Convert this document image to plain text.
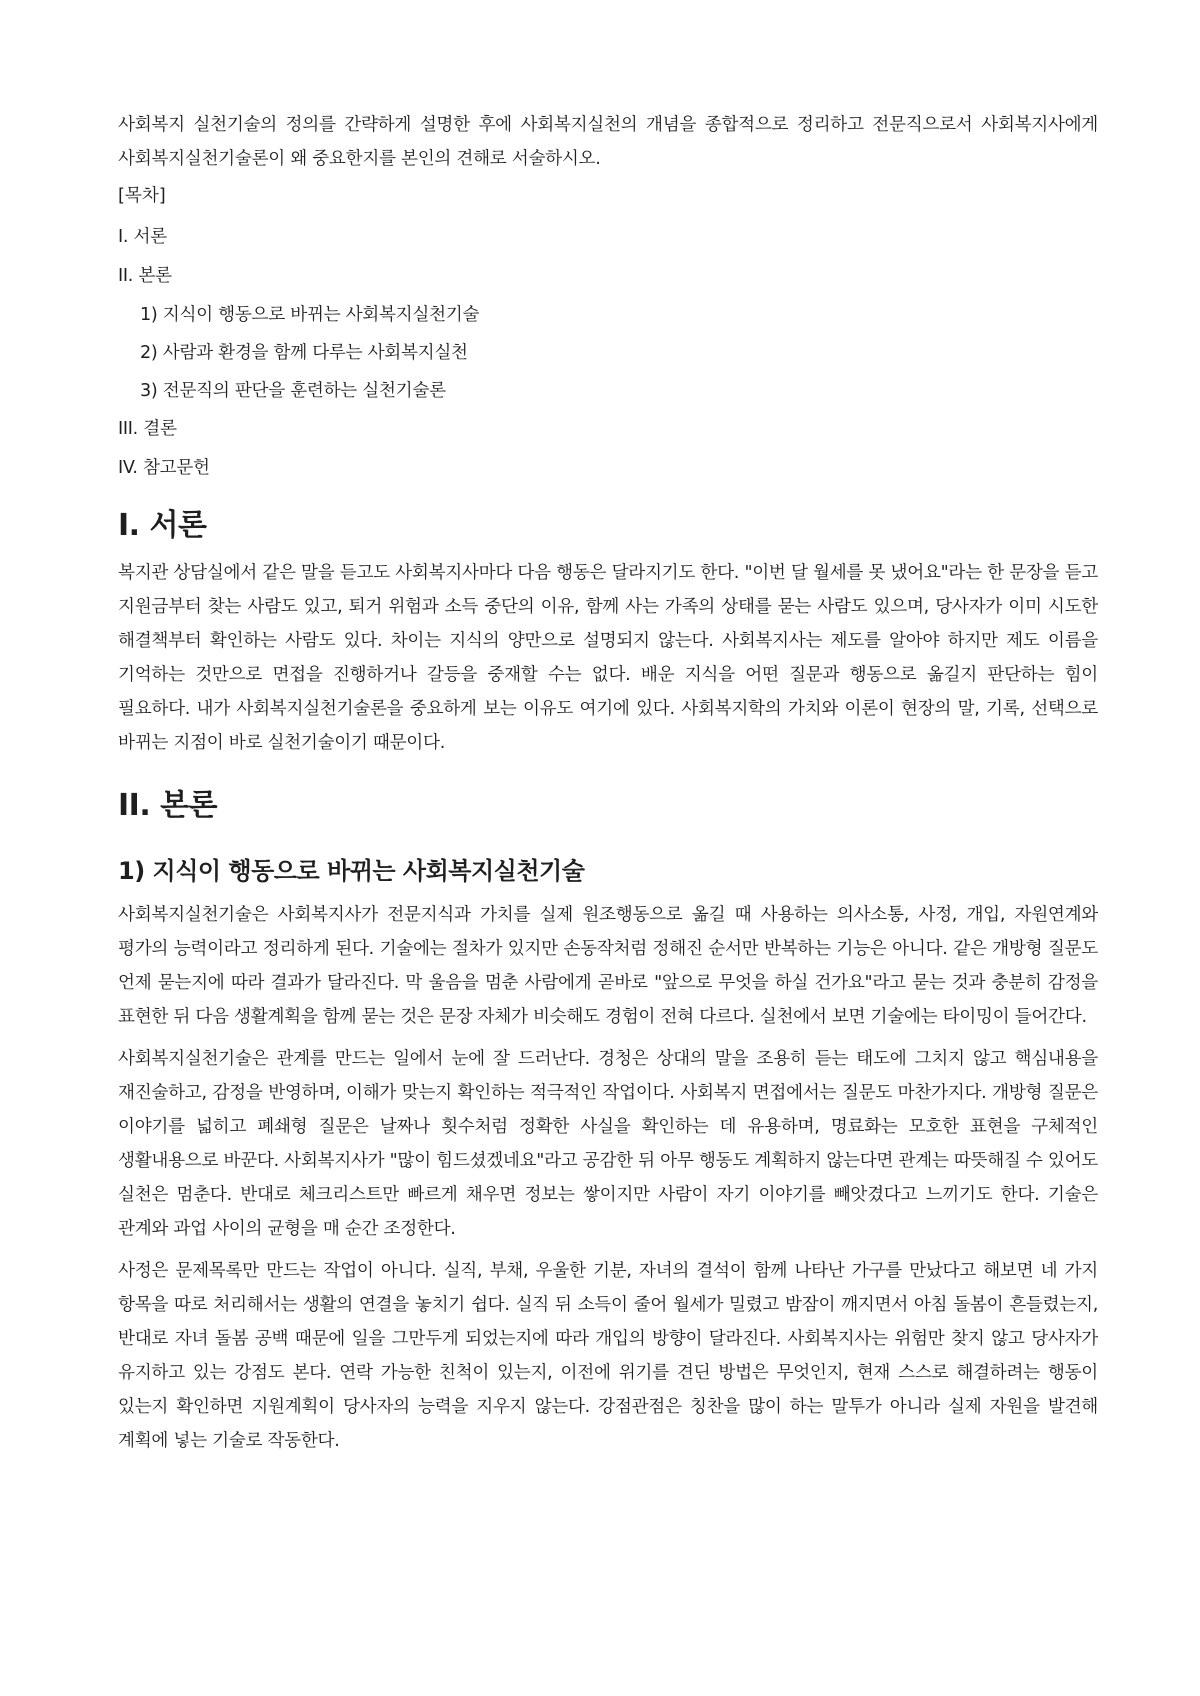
사회복지 실천기술의 정의를 간략하게 설명한 후에 사회복지실천의 개념을 종합적으로 정리하고 전문직으로서 사회복지사에게 사회복지실천기술론이 왜 중요한지를 본인의 견해로 서술하시오.

[목차]
I. 서론
II. 본론
1) 지식이 행동으로 바뀌는 사회복지실천기술
2) 사람과 환경을 함께 다루는 사회복지실천
3) 전문직의 판단을 훈련하는 실천기술론
III. 결론
IV. 참고문헌
I. 서론

복지관 상담실에서 같은 말을 듣고도 사회복지사마다 다음 행동은 달라지기도 한다. "이번 달 월세를 못 냈어요"라는 한 문장을 듣고 지원금부터 찾는 사람도 있고, 퇴거 위험과 소득 중단의 이유, 함께 사는 가족의 상태를 묻는 사람도 있으며, 당사자가 이미 시도한 해결책부터 확인하는 사람도 있다. 차이는 지식의 양만으로 설명되지 않는다. 사회복지사는 제도를 알아야 하지만 제도 이름을 기억하는 것만으로 면접을 진행하거나 갈등을 중재할 수는 없다. 배운 지식을 어떤 질문과 행동으로 옮길지 판단하는 힘이 필요하다. 내가 사회복지실천기술론을 중요하게 보는 이유도 여기에 있다. 사회복지학의 가치와 이론이 현장의 말, 기록, 선택으로 바뀌는 지점이 바로 실천기술이기 때문이다.

II. 본론
1) 지식이 행동으로 바뀌는 사회복지실천기술

사회복지실천기술은 사회복지사가 전문지식과 가치를 실제 원조행동으로 옮길 때 사용하는 의사소통, 사정, 개입, 자원연계와 평가의 능력이라고 정리하게 된다. 기술에는 절차가 있지만 손동작처럼 정해진 순서만 반복하는 기능은 아니다. 같은 개방형 질문도 언제 묻는지에 따라 결과가 달라진다. 막 울음을 멈춘 사람에게 곧바로 "앞으로 무엇을 하실 건가요"라고 묻는 것과 충분히 감정을 표현한 뒤 다음 생활계획을 함께 묻는 것은 문장 자체가 비슷해도 경험이 전혀 다르다. 실천에서 보면 기술에는 타이밍이 들어간다.

사회복지실천기술은 관계를 만드는 일에서 눈에 잘 드러난다. 경청은 상대의 말을 조용히 듣는 태도에 그치지 않고 핵심내용을 재진술하고, 감정을 반영하며, 이해가 맞는지 확인하는 적극적인 작업이다. 사회복지 면접에서는 질문도 마찬가지다. 개방형 질문은 이야기를 넓히고 폐쇄형 질문은 날짜나 횟수처럼 정확한 사실을 확인하는 데 유용하며, 명료화는 모호한 표현을 구체적인 생활내용으로 바꾼다. 사회복지사가 "많이 힘드셨겠네요"라고 공감한 뒤 아무 행동도 계획하지 않는다면 관계는 따뜻해질 수 있어도 실천은 멈춘다. 반대로 체크리스트만 빠르게 채우면 정보는 쌓이지만 사람이 자기 이야기를 빼앗겼다고 느끼기도 한다. 기술은 관계와 과업 사이의 균형을 매 순간 조정한다.

사정은 문제목록만 만드는 작업이 아니다. 실직, 부채, 우울한 기분, 자녀의 결석이 함께 나타난 가구를 만났다고 해보면 네 가지 항목을 따로 처리해서는 생활의 연결을 놓치기 쉽다. 실직 뒤 소득이 줄어 월세가 밀렸고 밤잠이 깨지면서 아침 돌봄이 흔들렸는지, 반대로 자녀 돌봄 공백 때문에 일을 그만두게 되었는지에 따라 개입의 방향이 달라진다. 사회복지사는 위험만 찾지 않고 당사자가 유지하고 있는 강점도 본다. 연락 가능한 친척이 있는지, 이전에 위기를 견딘 방법은 무엇인지, 현재 스스로 해결하려는 행동이 있는지 확인하면 지원계획이 당사자의 능력을 지우지 않는다. 강점관점은 칭찬을 많이 하는 말투가 아니라 실제 자원을 발견해 계획에 넣는 기술로 작동한다.
